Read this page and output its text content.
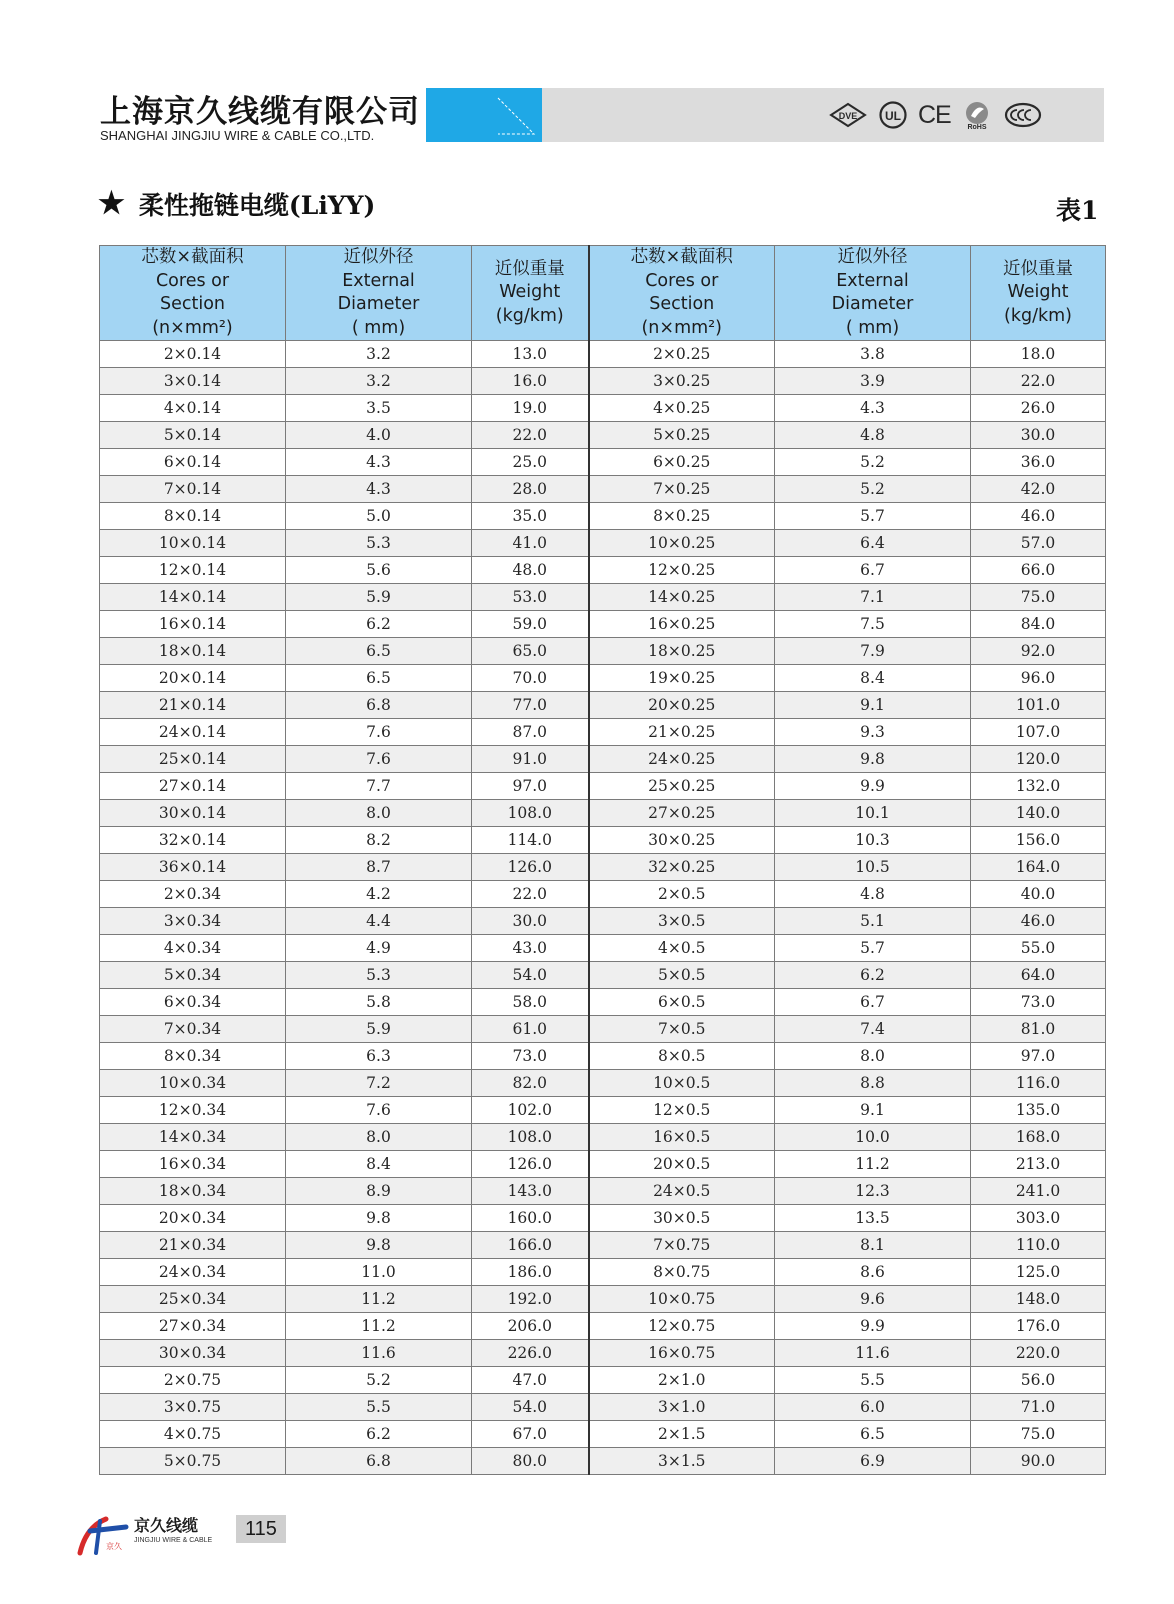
上海京久线缆有限公司
SHANGHAI JINGJIU WIRE & CABLE CO.,LTD.
DVE UL CE RoHS
★ 柔性拖链电缆(LiYY)	表1
芯数×截面积
Cores or
Section
(n×mm²)	近似外径
External
Diameter
( mm)	近似重量
Weight
(kg/km)	芯数×截面积
Cores or
Section
(n×mm²)	近似外径
External
Diameter
( mm)	近似重量
Weight
(kg/km)

2×0.14	3.2	13.0	2×0.25	3.8	18.0
3×0.14	3.2	16.0	3×0.25	3.9	22.0
4×0.14	3.5	19.0	4×0.25	4.3	26.0
5×0.14	4.0	22.0	5×0.25	4.8	30.0
6×0.14	4.3	25.0	6×0.25	5.2	36.0
7×0.14	4.3	28.0	7×0.25	5.2	42.0
8×0.14	5.0	35.0	8×0.25	5.7	46.0
10×0.14	5.3	41.0	10×0.25	6.4	57.0
12×0.14	5.6	48.0	12×0.25	6.7	66.0
14×0.14	5.9	53.0	14×0.25	7.1	75.0
16×0.14	6.2	59.0	16×0.25	7.5	84.0
18×0.14	6.5	65.0	18×0.25	7.9	92.0
20×0.14	6.5	70.0	19×0.25	8.4	96.0
21×0.14	6.8	77.0	20×0.25	9.1	101.0
24×0.14	7.6	87.0	21×0.25	9.3	107.0
25×0.14	7.6	91.0	24×0.25	9.8	120.0
27×0.14	7.7	97.0	25×0.25	9.9	132.0
30×0.14	8.0	108.0	27×0.25	10.1	140.0
32×0.14	8.2	114.0	30×0.25	10.3	156.0
36×0.14	8.7	126.0	32×0.25	10.5	164.0
2×0.34	4.2	22.0	2×0.5	4.8	40.0
3×0.34	4.4	30.0	3×0.5	5.1	46.0
4×0.34	4.9	43.0	4×0.5	5.7	55.0
5×0.34	5.3	54.0	5×0.5	6.2	64.0
6×0.34	5.8	58.0	6×0.5	6.7	73.0
7×0.34	5.9	61.0	7×0.5	7.4	81.0
8×0.34	6.3	73.0	8×0.5	8.0	97.0
10×0.34	7.2	82.0	10×0.5	8.8	116.0
12×0.34	7.6	102.0	12×0.5	9.1	135.0
14×0.34	8.0	108.0	16×0.5	10.0	168.0
16×0.34	8.4	126.0	20×0.5	11.2	213.0
18×0.34	8.9	143.0	24×0.5	12.3	241.0
20×0.34	9.8	160.0	30×0.5	13.5	303.0
21×0.34	9.8	166.0	7×0.75	8.1	110.0
24×0.34	11.0	186.0	8×0.75	8.6	125.0
25×0.34	11.2	192.0	10×0.75	9.6	148.0
27×0.34	11.2	206.0	12×0.75	9.9	176.0
30×0.34	11.6	226.0	16×0.75	11.6	220.0
2×0.75	5.2	47.0	2×1.0	5.5	56.0
3×0.75	5.5	54.0	3×1.0	6.0	71.0
4×0.75	6.2	67.0	2×1.5	6.5	75.0
5×0.75	6.8	80.0	3×1.5	6.9	90.0
京久
京久线缆
JINGJIU WIRE & CABLE
115
